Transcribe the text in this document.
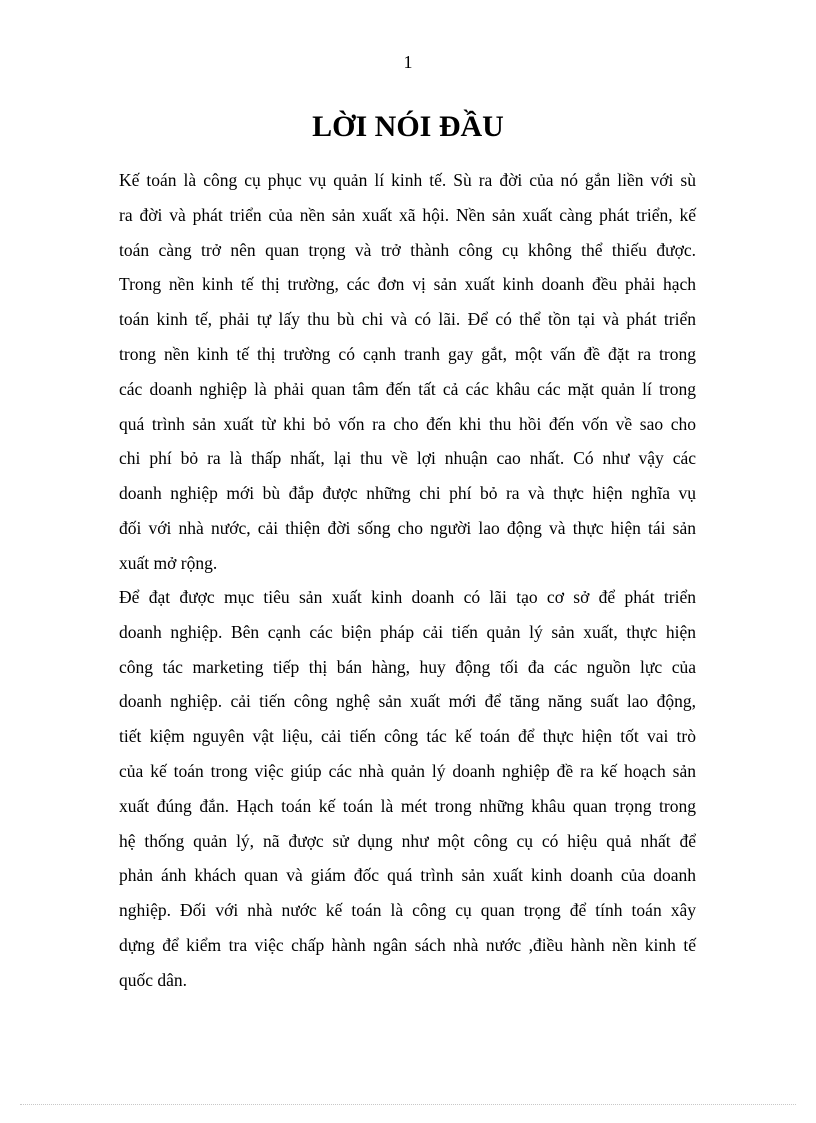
1
LỜI NÓI ĐẦU

Kế toán là công cụ phục vụ quản lí kinh tế. Sù ra đời của nó gắn liền với sù
ra đời và phát triển của nền sản xuất xã hội. Nền sản xuất càng phát triển, kế
toán càng trở nên quan trọng và trở thành công cụ không thể thiếu được.
Trong nền kinh tế thị trường, các đơn vị sản xuất kinh doanh đều phải hạch
toán kinh tế, phải tự lấy thu bù chi và có lãi. Để có thể tồn tại và phát triển
trong nền kinh tế thị trường có cạnh tranh gay gắt, một vấn đề đặt ra trong
các doanh nghiệp là phải quan tâm đến tất cả các khâu các mặt quản lí trong
quá trình sản xuất từ khi bỏ vốn ra cho đến khi thu hồi đến vốn về sao cho
chi phí bỏ ra là thấp nhất, lại thu về lợi nhuận cao nhất. Có như vậy các
doanh nghiệp mới bù đắp được những chi phí bỏ ra và thực hiện nghĩa vụ
đối với nhà nước, cải thiện đời sống cho người lao động và thực hiện tái sản
xuất mở rộng.

Để đạt được mục tiêu sản xuất kinh doanh có lãi tạo cơ sở để phát triển
doanh nghiệp. Bên cạnh các biện pháp cải tiến quản lý sản xuất, thực hiện
công tác marketing tiếp thị bán hàng, huy động tối đa các nguồn lực của
doanh nghiệp. cải tiến công nghệ sản xuất mới để tăng năng suất lao động,
tiết kiệm nguyên vật liệu, cải tiến công tác kế toán để thực hiện tốt vai trò
của kế toán trong việc giúp các nhà quản lý doanh nghiệp đề ra kế hoạch sản
xuất đúng đắn. Hạch toán kế toán là mét trong những khâu quan trọng trong
hệ thống quản lý, nã được sử dụng như một công cụ có hiệu quả nhất để
phản ánh khách quan và giám đốc quá trình sản xuất kinh doanh của doanh
nghiệp. Đối với nhà nước kế toán là công cụ quan trọng để tính toán xây
dựng để kiểm tra việc chấp hành ngân sách nhà nước ,điều hành nền kinh tế
quốc dân.
